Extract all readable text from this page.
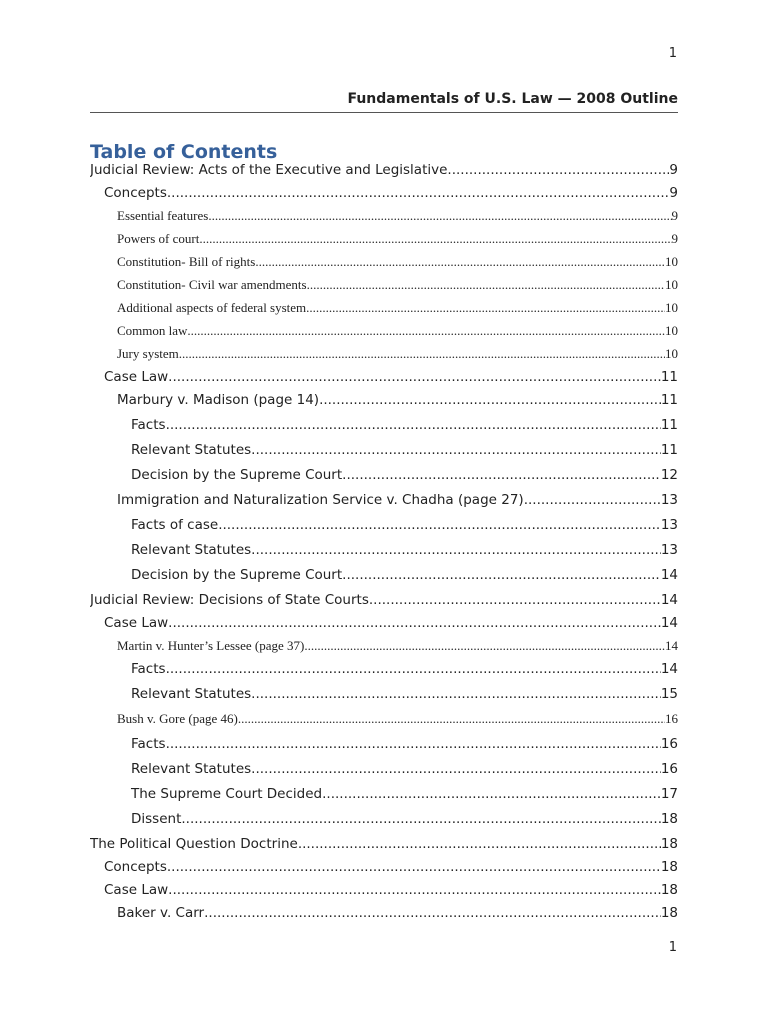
1
Fundamentals of U.S. Law — 2008 Outline
Table of Contents
Judicial Review: Acts of the Executive and Legislative .....	9
Concepts .....	9
Essential features .....	9
Powers of court .....	9
Constitution- Bill of rights .....	10
Constitution- Civil war amendments .....	10
Additional aspects of federal system .....	10
Common law .....	10
Jury system .....	10
Case Law .....	11
Marbury v. Madison (page 14) .....	11
Facts .....	11
Relevant Statutes .....	11
Decision by the Supreme Court .....	12
Immigration and Naturalization Service v. Chadha (page 27) .....	13
Facts of case .....	13
Relevant Statutes .....	13
Decision by the Supreme Court .....	14
Judicial Review: Decisions of State Courts .....	14
Case Law .....	14
Martin v. Hunter’s Lessee (page 37) .....	14
Facts .....	14
Relevant Statutes .....	15
Bush v. Gore (page 46) .....	16
Facts .....	16
Relevant Statutes .....	16
The Supreme Court Decided .....	17
Dissent .....	18
The Political Question Doctrine .....	18
Concepts .....	18
Case Law .....	18
Baker v. Carr .....	18
1
